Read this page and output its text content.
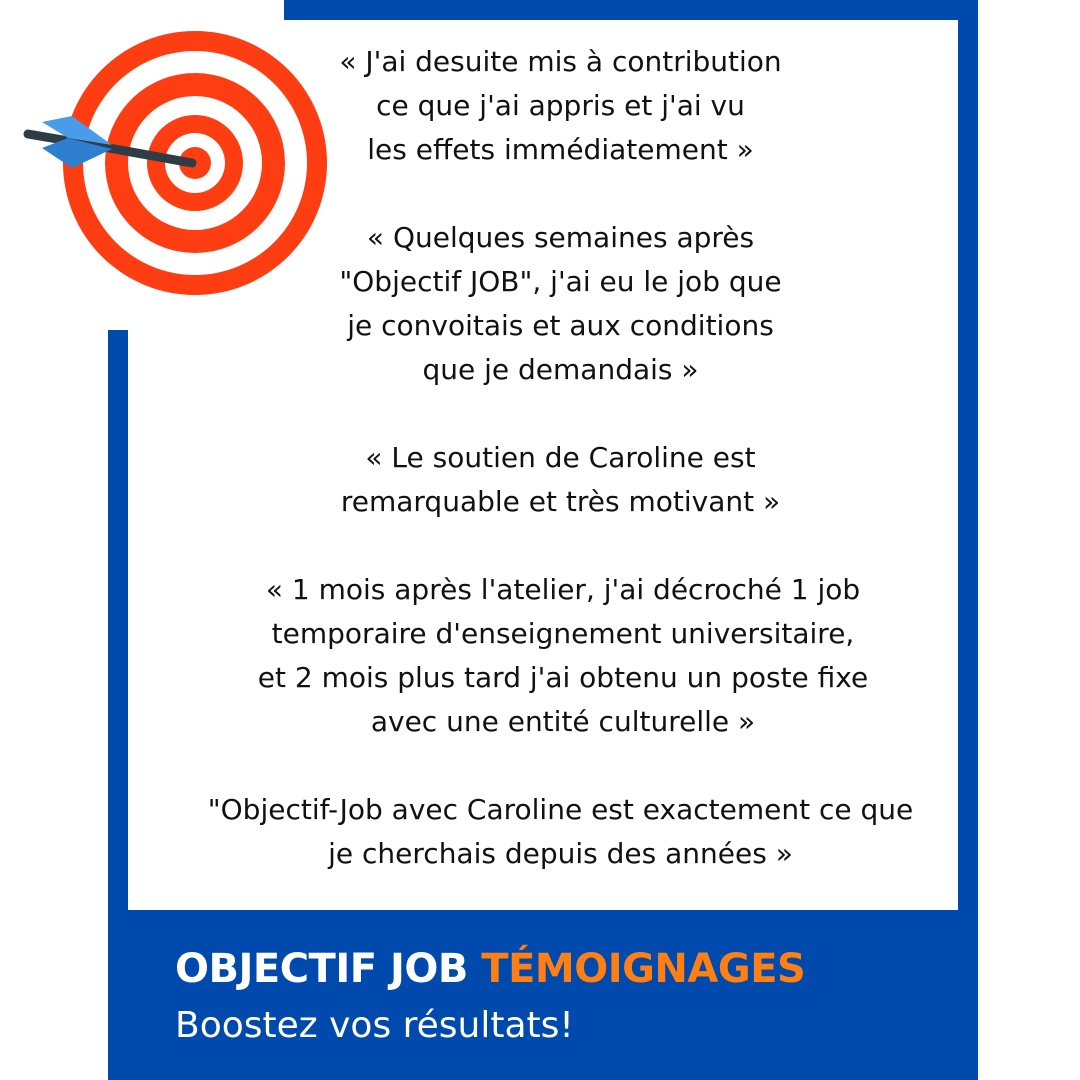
« J'ai desuite mis à contribution
ce que j'ai appris et j'ai vu
les effets immédiatement »
« Quelques semaines après
"Objectif JOB", j'ai eu le job que
je convoitais et aux conditions
que je demandais »
« Le soutien de Caroline est
remarquable et très motivant »
« 1 mois après l'atelier, j'ai décroché 1 job
temporaire d'enseignement universitaire,
et 2 mois plus tard j'ai obtenu un poste fixe
avec une entité culturelle »
"Objectif-Job avec Caroline est exactement ce que
je cherchais depuis des années »
OBJECTIF JOB TÉMOIGNAGES
Boostez vos résultats!
